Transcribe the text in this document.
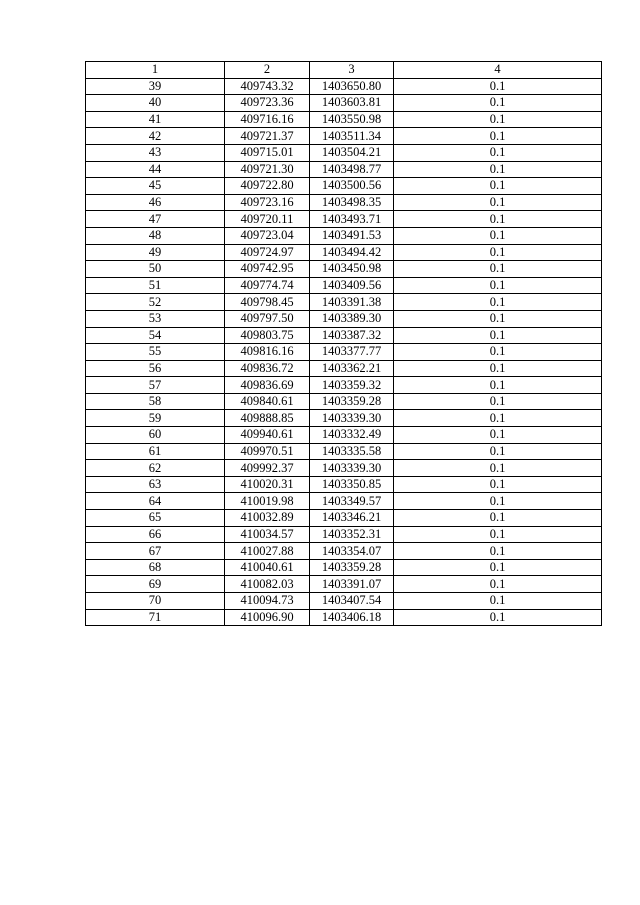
1	2	3	4
39	409743.32	1403650.80	0.1
40	409723.36	1403603.81	0.1
41	409716.16	1403550.98	0.1
42	409721.37	1403511.34	0.1
43	409715.01	1403504.21	0.1
44	409721.30	1403498.77	0.1
45	409722.80	1403500.56	0.1
46	409723.16	1403498.35	0.1
47	409720.11	1403493.71	0.1
48	409723.04	1403491.53	0.1
49	409724.97	1403494.42	0.1
50	409742.95	1403450.98	0.1
51	409774.74	1403409.56	0.1
52	409798.45	1403391.38	0.1
53	409797.50	1403389.30	0.1
54	409803.75	1403387.32	0.1
55	409816.16	1403377.77	0.1
56	409836.72	1403362.21	0.1
57	409836.69	1403359.32	0.1
58	409840.61	1403359.28	0.1
59	409888.85	1403339.30	0.1
60	409940.61	1403332.49	0.1
61	409970.51	1403335.58	0.1
62	409992.37	1403339.30	0.1
63	410020.31	1403350.85	0.1
64	410019.98	1403349.57	0.1
65	410032.89	1403346.21	0.1
66	410034.57	1403352.31	0.1
67	410027.88	1403354.07	0.1
68	410040.61	1403359.28	0.1
69	410082.03	1403391.07	0.1
70	410094.73	1403407.54	0.1
71	410096.90	1403406.18	0.1
